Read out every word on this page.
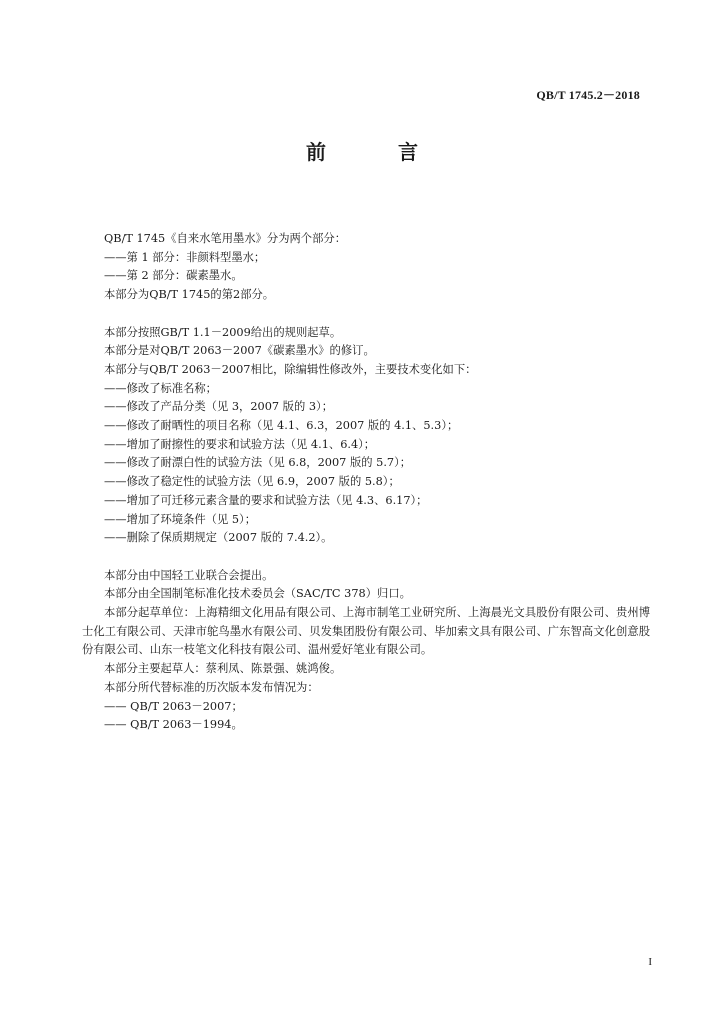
QB/T 1745.2－2018
前　言
QB/T 1745《自来水笔用墨水》分为两个部分：
——第 1 部分：非颜料型墨水；
——第 2 部分：碳素墨水。
本部分为QB/T 1745的第2部分。
本部分按照GB/T 1.1－2009给出的规则起草。
本部分是对QB/T 2063－2007《碳素墨水》的修订。
本部分与QB/T 2063－2007相比，除编辑性修改外，主要技术变化如下：
——修改了标准名称；
——修改了产品分类（见 3，2007 版的 3）；
——修改了耐晒性的项目名称（见 4.1、6.3，2007 版的 4.1、5.3）；
——增加了耐擦性的要求和试验方法（见 4.1、6.4）；
——修改了耐漂白性的试验方法（见 6.8，2007 版的 5.7）；
——修改了稳定性的试验方法（见 6.9，2007 版的 5.8）；
——增加了可迁移元素含量的要求和试验方法（见 4.3、6.17）；
——增加了环境条件（见 5）；
——删除了保质期规定（2007 版的 7.4.2）。
本部分由中国轻工业联合会提出。
本部分由全国制笔标准化技术委员会（SAC/TC 378）归口。
本部分起草单位：上海精细文化用品有限公司、上海市制笔工业研究所、上海晨光文具股份有限公司、贵州博士化工有限公司、天津市鸵鸟墨水有限公司、贝发集团股份有限公司、毕加索文具有限公司、广东智高文化创意股份有限公司、山东一枝笔文化科技有限公司、温州爱好笔业有限公司。
本部分主要起草人：蔡利凤、陈景强、姚鸿俊。
本部分所代替标准的历次版本发布情况为：
—— QB/T 2063－2007；
—— QB/T 2063－1994。
I
